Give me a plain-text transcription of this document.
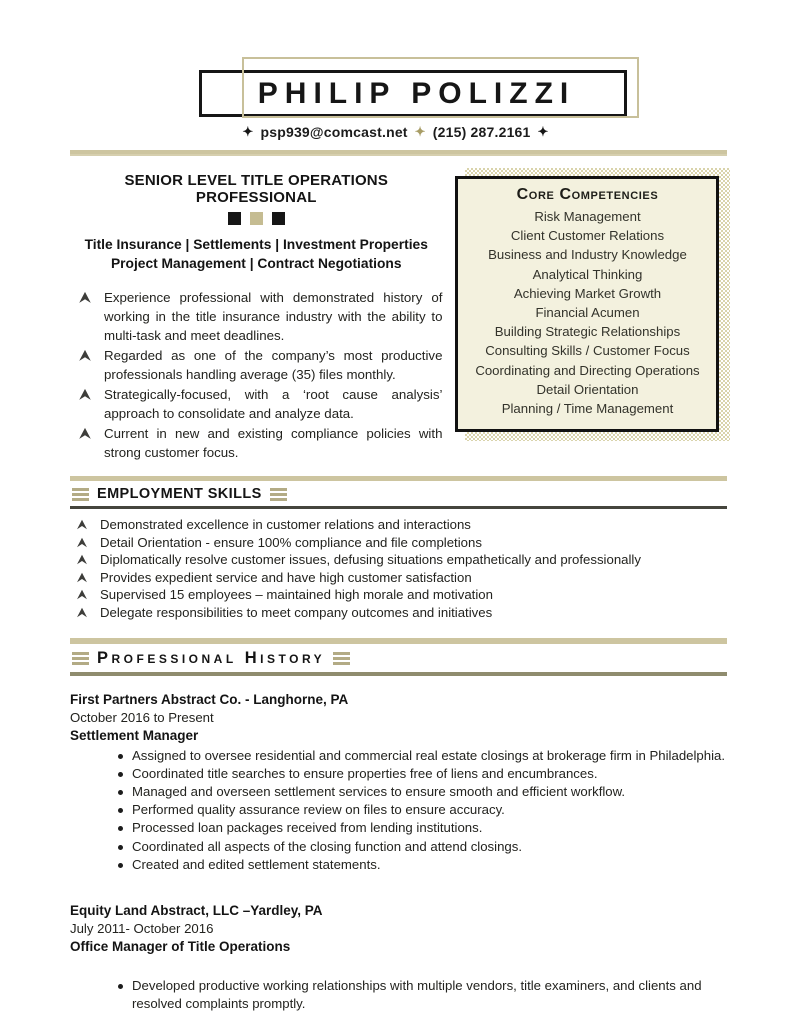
PHILIP POLIZZI
✦ psp939@comcast.net ✦ (215) 287.2161 ✦
SENIOR LEVEL TITLE OPERATIONS PROFESSIONAL
Title Insurance | Settlements | Investment Properties
Project Management | Contract Negotiations
Experience professional with demonstrated history of working in the title insurance industry with the ability to multi-task and meet deadlines.
Regarded as one of the company’s most productive professionals handling average (35) files monthly.
Strategically-focused, with a ‘root cause analysis’ approach to consolidate and analyze data.
Current in new and existing compliance policies with strong customer focus.
Core Competencies
Risk Management
Client Customer Relations
Business and Industry Knowledge
Analytical Thinking
Achieving Market Growth
Financial Acumen
Building Strategic Relationships
Consulting Skills / Customer Focus
Coordinating and Directing Operations
Detail Orientation
Planning / Time Management
EMPLOYMENT SKILLS
Demonstrated excellence in customer relations and interactions
Detail Orientation - ensure 100% compliance and file completions
Diplomatically resolve customer issues, defusing situations empathetically and professionally
Provides expedient service and have high customer satisfaction
Supervised 15 employees – maintained high morale and motivation
Delegate responsibilities to meet company outcomes and initiatives
Professional History
First Partners Abstract Co. - Langhorne, PA
October 2016 to Present
Settlement Manager
Assigned to oversee residential and commercial real estate closings at brokerage firm in Philadelphia.
Coordinated title searches to ensure properties free of liens and encumbrances.
Managed and overseen settlement services to ensure smooth and efficient workflow.
Performed quality assurance review on files to ensure accuracy.
Processed loan packages received from lending institutions.
Coordinated all aspects of the closing function and attend closings.
Created and edited settlement statements.
Equity Land Abstract, LLC –Yardley, PA
July 2011- October 2016
Office Manager of Title Operations
Developed productive working relationships with multiple vendors, title examiners, and clients and resolved complaints promptly.
